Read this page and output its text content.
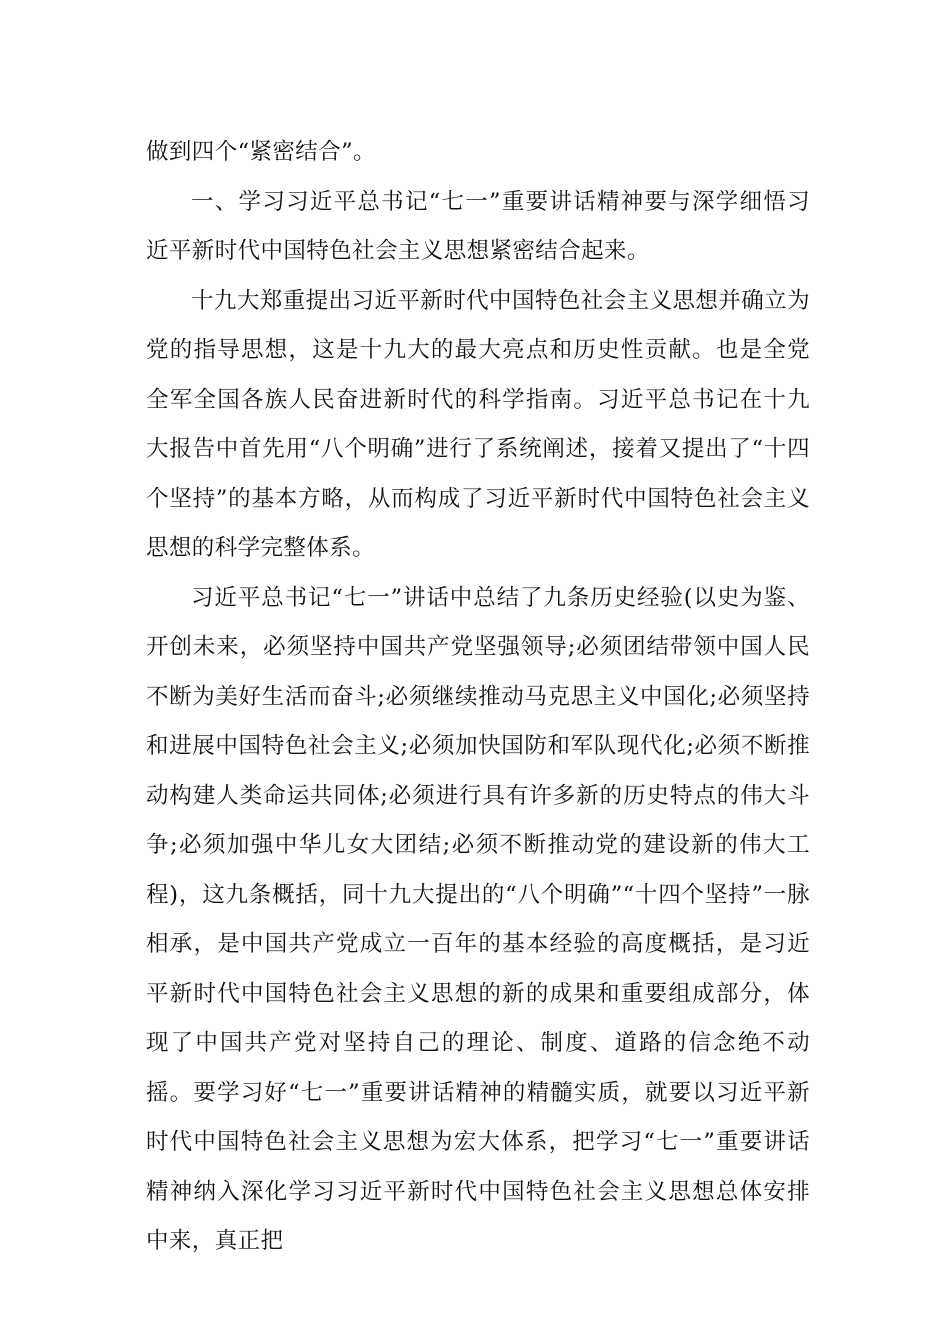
做到四个“紧密结合”。

一、学习习近平总书记“七一”重要讲话精神要与深学细悟习近平新时代中国特色社会主义思想紧密结合起来。

十九大郑重提出习近平新时代中国特色社会主义思想并确立为党的指导思想，这是十九大的最大亮点和历史性贡献。也是全党全军全国各族人民奋进新时代的科学指南。习近平总书记在十九大报告中首先用“八个明确”进行了系统阐述，接着又提出了“十四个坚持”的基本方略，从而构成了习近平新时代中国特色社会主义思想的科学完整体系。

习近平总书记“七一”讲话中总结了九条历史经验(以史为鉴、开创未来，必须坚持中国共产党坚强领导;必须团结带领中国人民不断为美好生活而奋斗;必须继续推动马克思主义中国化;必须坚持和进展中国特色社会主义;必须加快国防和军队现代化;必须不断推动构建人类命运共同体;必须进行具有许多新的历史特点的伟大斗争;必须加强中华儿女大团结;必须不断推动党的建设新的伟大工程)，这九条概括，同十九大提出的“八个明确”“十四个坚持”一脉相承，是中国共产党成立一百年的基本经验的高度概括，是习近平新时代中国特色社会主义思想的新的成果和重要组成部分，体现了中国共产党对坚持自己的理论、制度、道路的信念绝不动摇。要学习好“七一”重要讲话精神的精髓实质，就要以习近平新时代中国特色社会主义思想为宏大体系，把学习“七一”重要讲话精神纳入深化学习习近平新时代中国特色社会主义思想总体安排中来，真正把
